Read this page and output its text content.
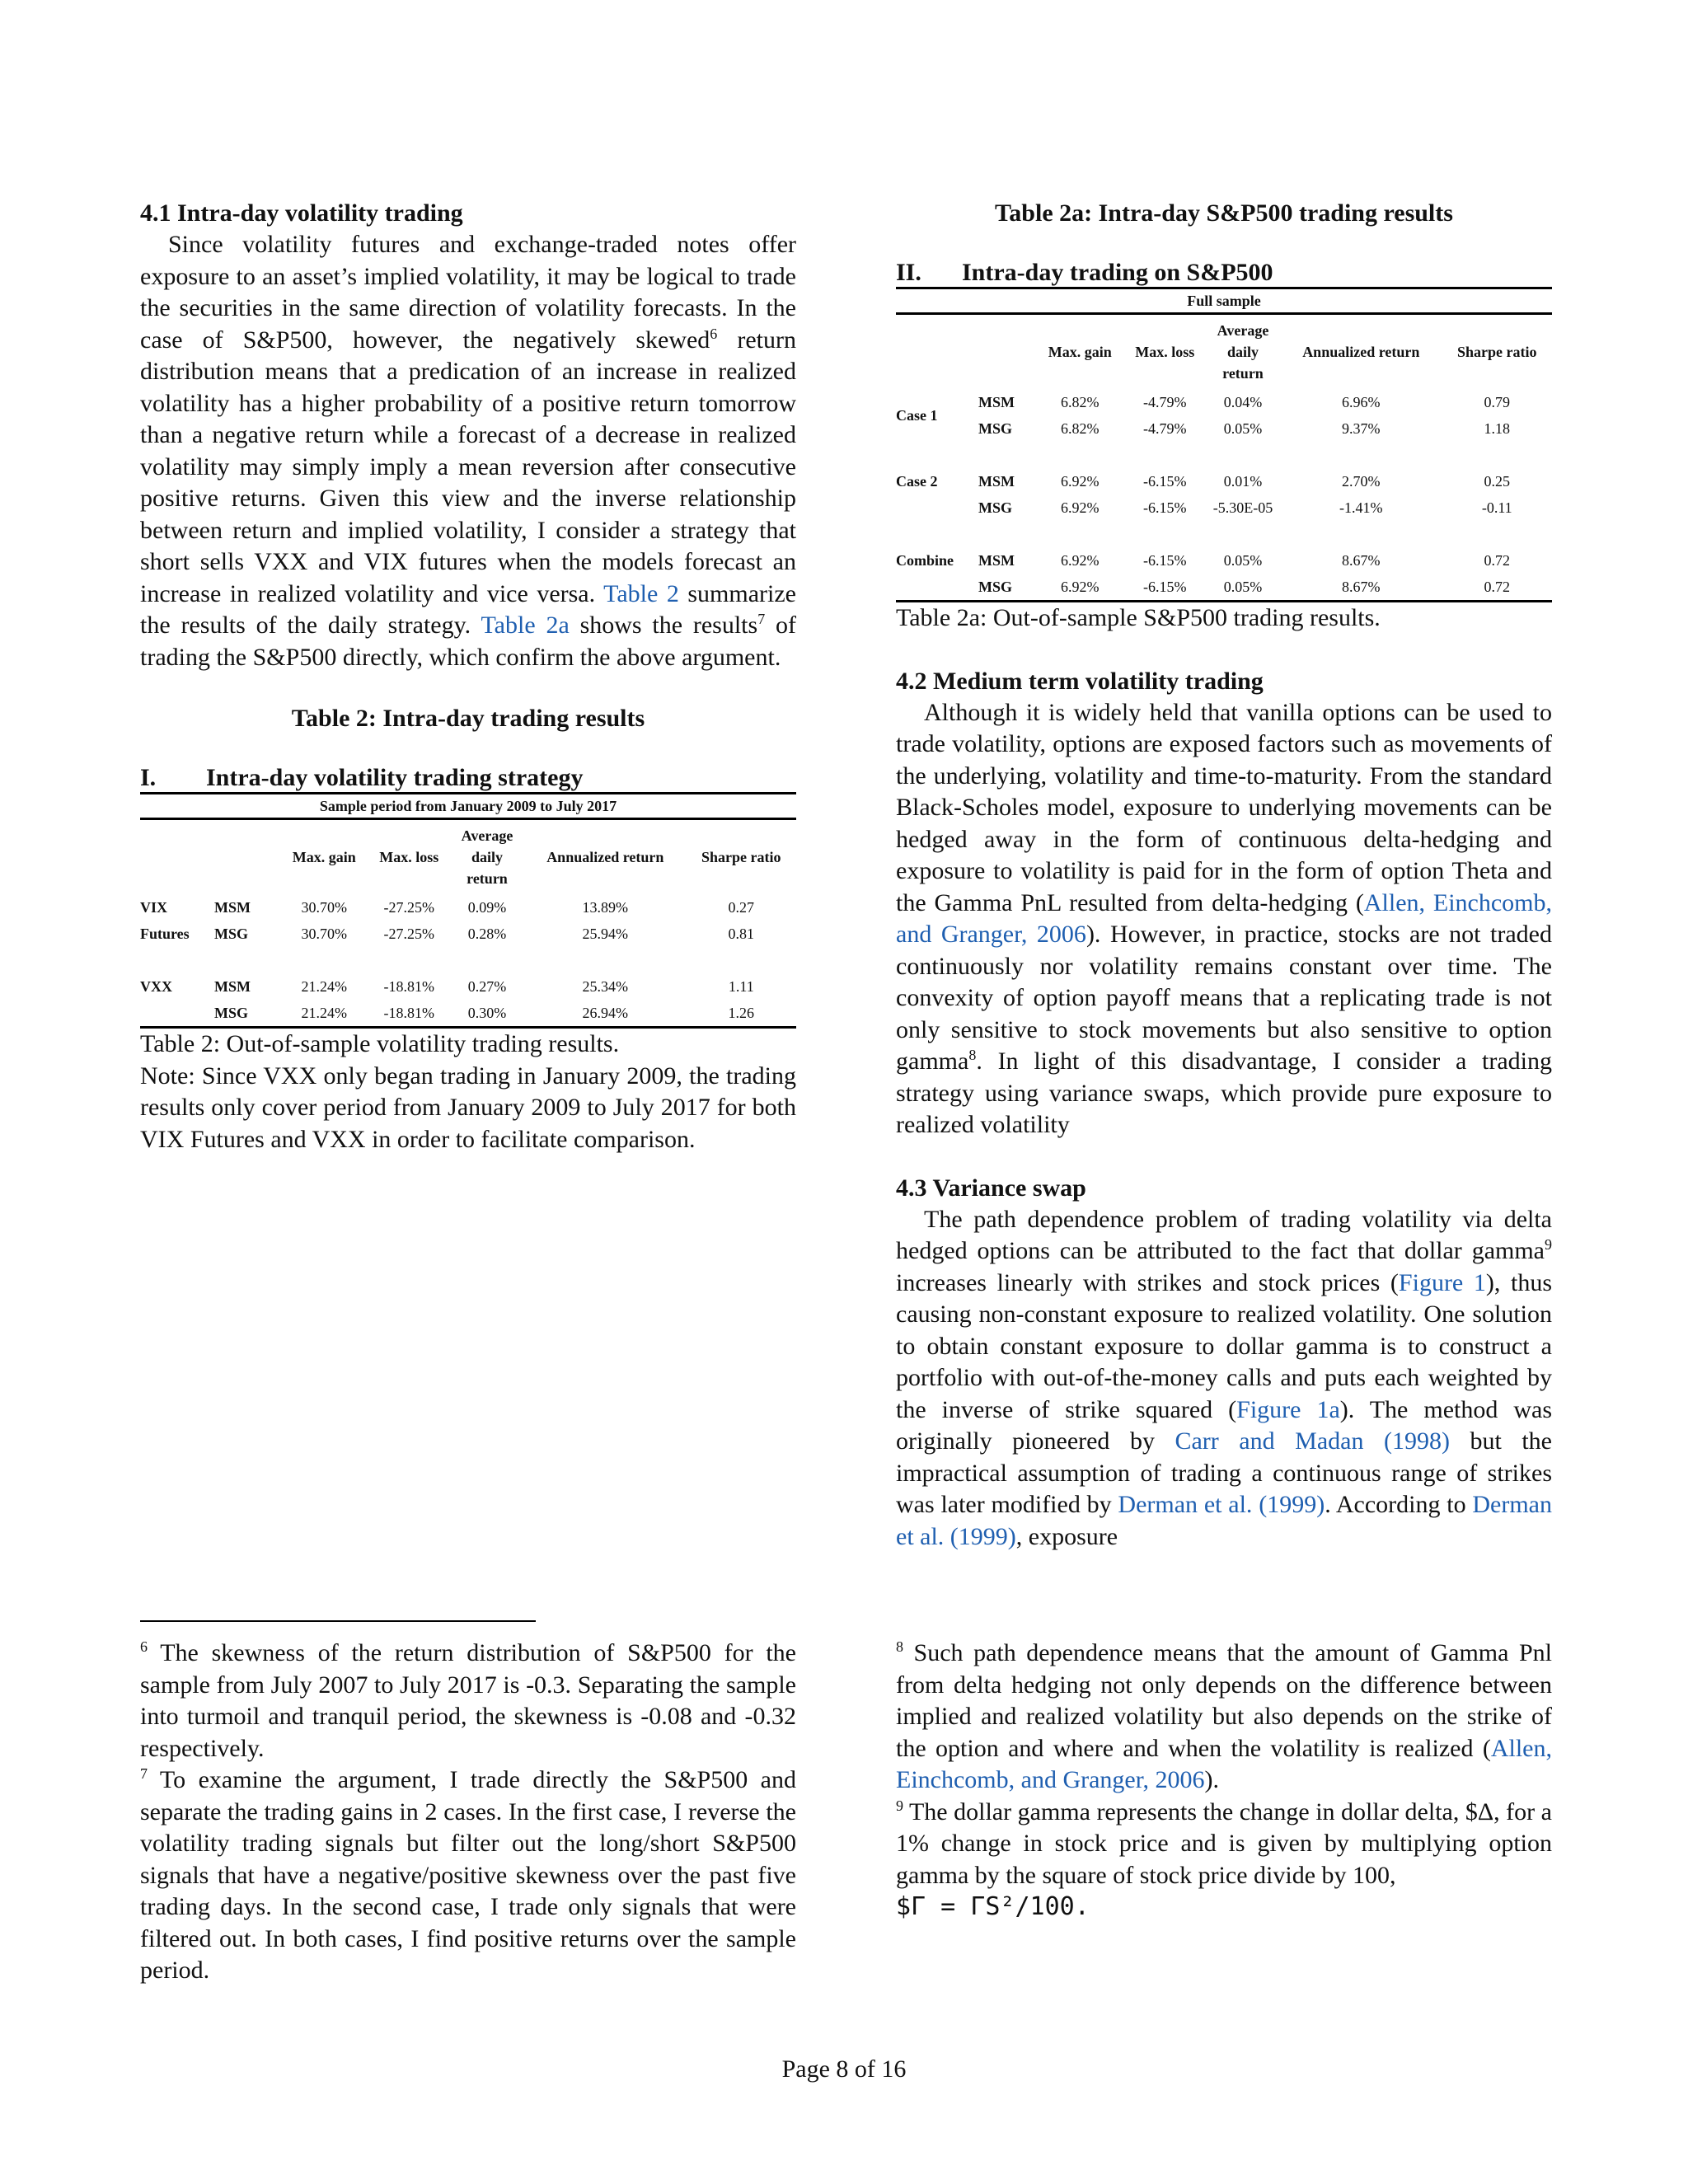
4.1 Intra-day volatility trading

Since volatility futures and exchange-traded notes offer exposure to an asset’s implied volatility, it may be logical to trade the securities in the same direction of volatility forecasts. In the case of S&P500, however, the negatively skewed$^6$ return distribution means that a predication of an increase in realized volatility has a higher probability of a positive return tomorrow than a negative return while a forecast of a decrease in realized volatility may simply imply a mean reversion after consecutive positive returns. Given this view and the inverse relationship between return and implied volatility, I consider a strategy that short sells VXX and VIX futures when the models forecast an increase in realized volatility and vice versa. Table 2 summarize the results of the daily strategy. Table 2a shows the results$^7$ of trading the S&P500 directly, which confirm the above argument.

Table 2: Intra-day trading results
I.	Intra-day volatility trading strategy
Sample period from January 2009 to July 2017						
		Max. gain	Max. loss	Average daily return	Annualized return	Sharpe ratio
VIX	MSM	30.70%	-27.25%	0.09%	13.89%	0.27
Futures	MSG	30.70%	-27.25%	0.28%	25.94%	0.81

VXX	MSM	21.24%	-18.81%	0.27%	25.34%	1.11
	MSG	21.24%	-18.81%	0.30%	26.94%	1.26

Table 2: Out-of-sample volatility trading results.

Note: Since VXX only began trading in January 2009, the trading results only cover period from January 2009 to July 2017 for both VIX Futures and VXX in order to facilitate comparison.

Table 2a: Intra-day S&P500 trading results
II.	Intra-day trading on S&P500
Full sample						
		Max. gain	Max. loss	Average daily return	Annualized return	Sharpe ratio
Case 1	MSM	6.82%	-4.79%	0.04%	6.96%	0.79
	MSG	6.82%	-4.79%	0.05%	9.37%	1.18

Case 2	MSM	6.92%	-6.15%	0.01%	2.70%	0.25
	MSG	6.92%	-6.15%	-5.30E-05	-1.41%	-0.11

Combine	MSM	6.92%	-6.15%	0.05%	8.67%	0.72
	MSG	6.92%	-6.15%	0.05%	8.67%	0.72

Table 2a: Out-of-sample S&P500 trading results.

4.2 Medium term volatility trading

Although it is widely held that vanilla options can be used to trade volatility, options are exposed factors such as movements of the underlying, volatility and time-to-maturity. From the standard Black-Scholes model, exposure to underlying movements can be hedged away in the form of continuous delta-hedging and exposure to volatility is paid for in the form of option Theta and the Gamma PnL resulted from delta-hedging (Allen, Einchcomb, and Granger, 2006). However, in practice, stocks are not traded continuously nor volatility remains constant over time. The convexity of option payoff means that a replicating trade is not only sensitive to stock movements but also sensitive to option gamma$^8$. In light of this disadvantage, I consider a trading strategy using variance swaps, which provide pure exposure to realized volatility

4.3 Variance swap

The path dependence problem of trading volatility via delta hedged options can be attributed to the fact that dollar gamma$^9$ increases linearly with strikes and stock prices (Figure 1), thus causing non-constant exposure to realized volatility. One solution to obtain constant exposure to dollar gamma is to construct a portfolio with out-of-the-money calls and puts each weighted by the inverse of strike squared (Figure 1a). The method was originally pioneered by Carr and Madan (1998) but the impractical assumption of trading a continuous range of strikes was later modified by Derman et al. (1999). According to Derman et al. (1999), exposure

$^6$ The skewness of the return distribution of S&P500 for the sample from July 2007 to July 2017 is -0.3. Separating the sample into turmoil and tranquil period, the skewness is -0.08 and -0.32 respectively.

$^7$ To examine the argument, I trade directly the S&P500 and separate the trading gains in 2 cases. In the first case, I reverse the volatility trading signals but filter out the long/short S&P500 signals that have a negative/positive skewness over the past five trading days. In the second case, I trade only signals that were filtered out. In both cases, I find positive returns over the sample period.

$^8$ Such path dependence means that the amount of Gamma Pnl from delta hedging not only depends on the difference between implied and realized volatility but also depends on the strike of the option and where and when the volatility is realized (Allen, Einchcomb, and Granger, 2006).

$^9$ The dollar gamma represents the change in dollar delta, $Δ, for a 1% change in stock price and is given by multiplying option gamma by the square of stock price divide by 100,
$Γ = ΓS²/100.

Page 8 of 16
